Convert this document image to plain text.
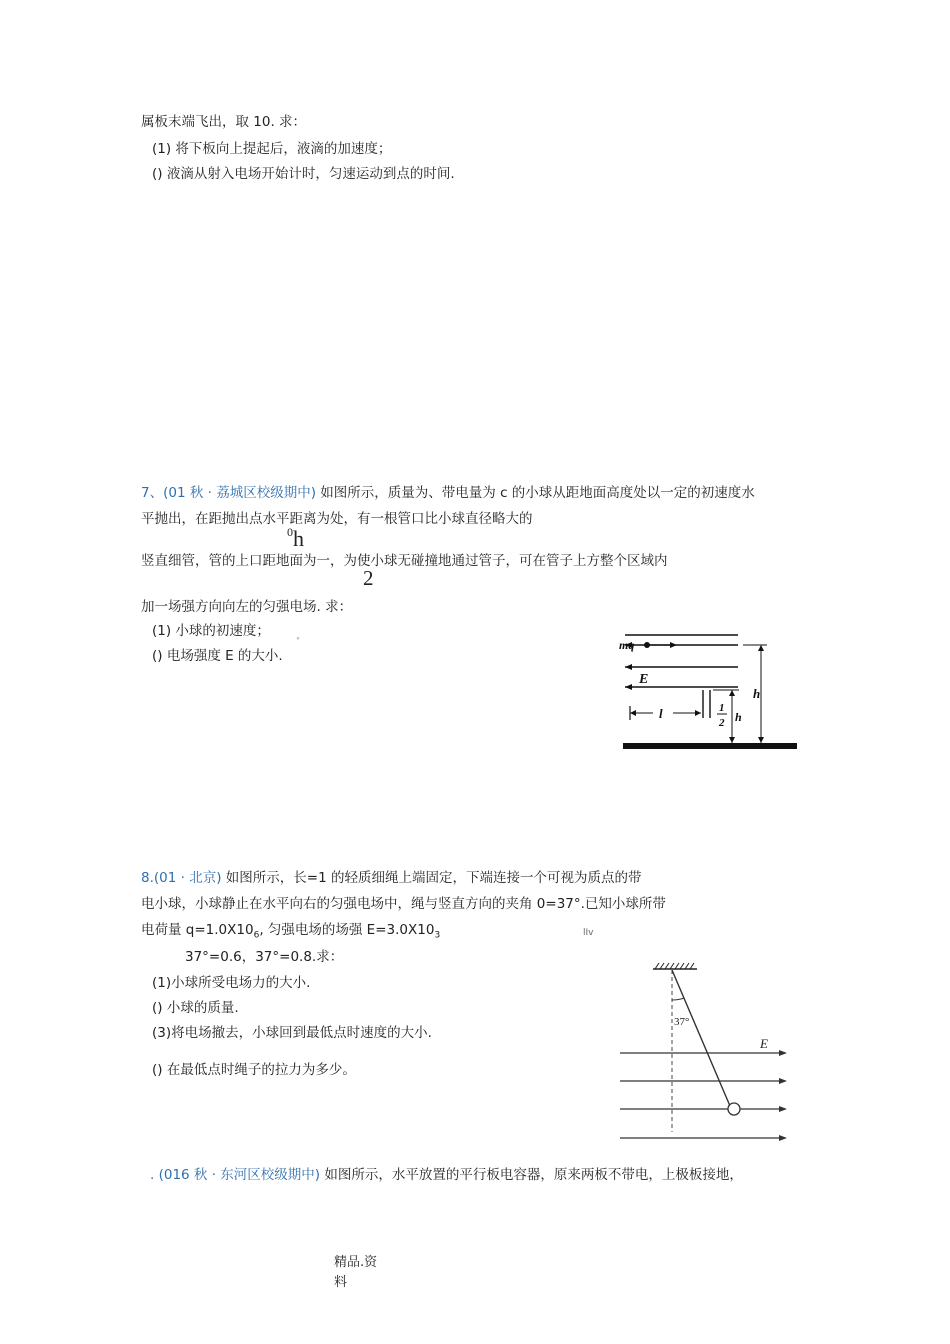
属板末端飞出，取 10. 求：
(1) 将下板向上提起后，液滴的加速度；
() 液滴从射入电场开始计时，匀速运动到点的时间.
7、(01 秋 · 荔城区校级期中) 如图所示，质量为、带电量为 c 的小球从距地面高度处以一定的初速度水
平抛出，在距抛出点水平距离为处，有一根管口比小球直径略大的
0 h
竖直细管，管的上口距地面为一，为使小球无碰撞地通过管子，可在管子上方整个区域内
2
加一场强方向向左的匀强电场. 求：
(1) 小球的初速度；
() 电场强度 E 的大小.
°	mq
E
l	1
2 h
h
8.(01 · 北京) 如图所示，长=1 的轻质细绳上端固定，下端连接一个可视为质点的带
电小球，小球静止在水平向右的匀强电场中，绳与竖直方向的夹角 0=37°.已知小球所带
电荷量 $q=1.0X10_6$, 匀强电场的场强 $E=3.0X10_3$	lIv
37°=0.6，37°=0.8.求：
(1)小球所受电场力的大小.
() 小球的质量.
(3)将电场撤去，小球回到最低点时速度的大小.
() 在最低点时绳子的拉力为多少。
37°
E
. (016 秋 · 东河区校级期中) 如图所示，水平放置的平行板电容器，原来两板不带电，上极板接地，
精品.资
料
